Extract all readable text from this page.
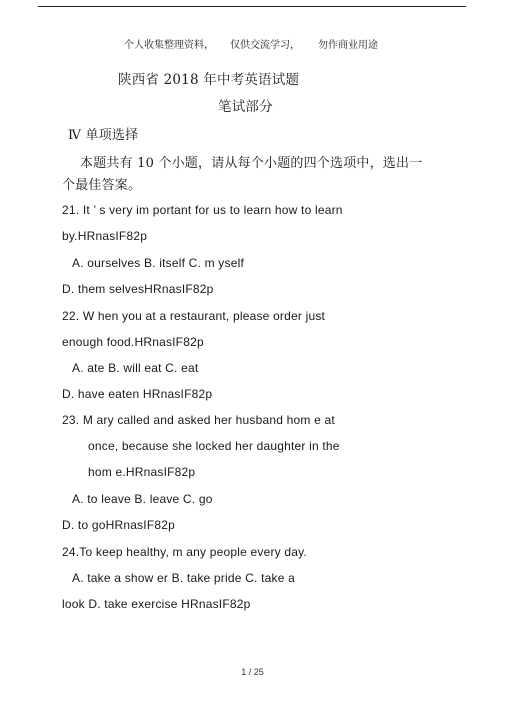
个人收集整理资料， 仅供交流学习， 勿作商业用途
陕西省 2018 年中考英语试题
笔试部分
Ⅳ 单项选择
本题共有 10 个小题，请从每个小题的四个选项中，选出一
个最佳答案。
21. It ’ s very im portant for us to learn how to learn
by.HRnasIF82p
A. ourselves B. itself C. m yself
D. them selvesHRnasIF82p
22. W hen you at a restaurant, please order just
enough food.HRnasIF82p
A. ate B. will eat C. eat
D. have eaten HRnasIF82p
23. M ary called and asked her husband hom e at
once, because she locked her daughter in the
hom e.HRnasIF82p
A. to leave B. leave C. go
D. to goHRnasIF82p
24.To keep healthy, m any people every day.
A. take a show er B. take pride C. take a
look D. take exercise HRnasIF82p
1 / 25
